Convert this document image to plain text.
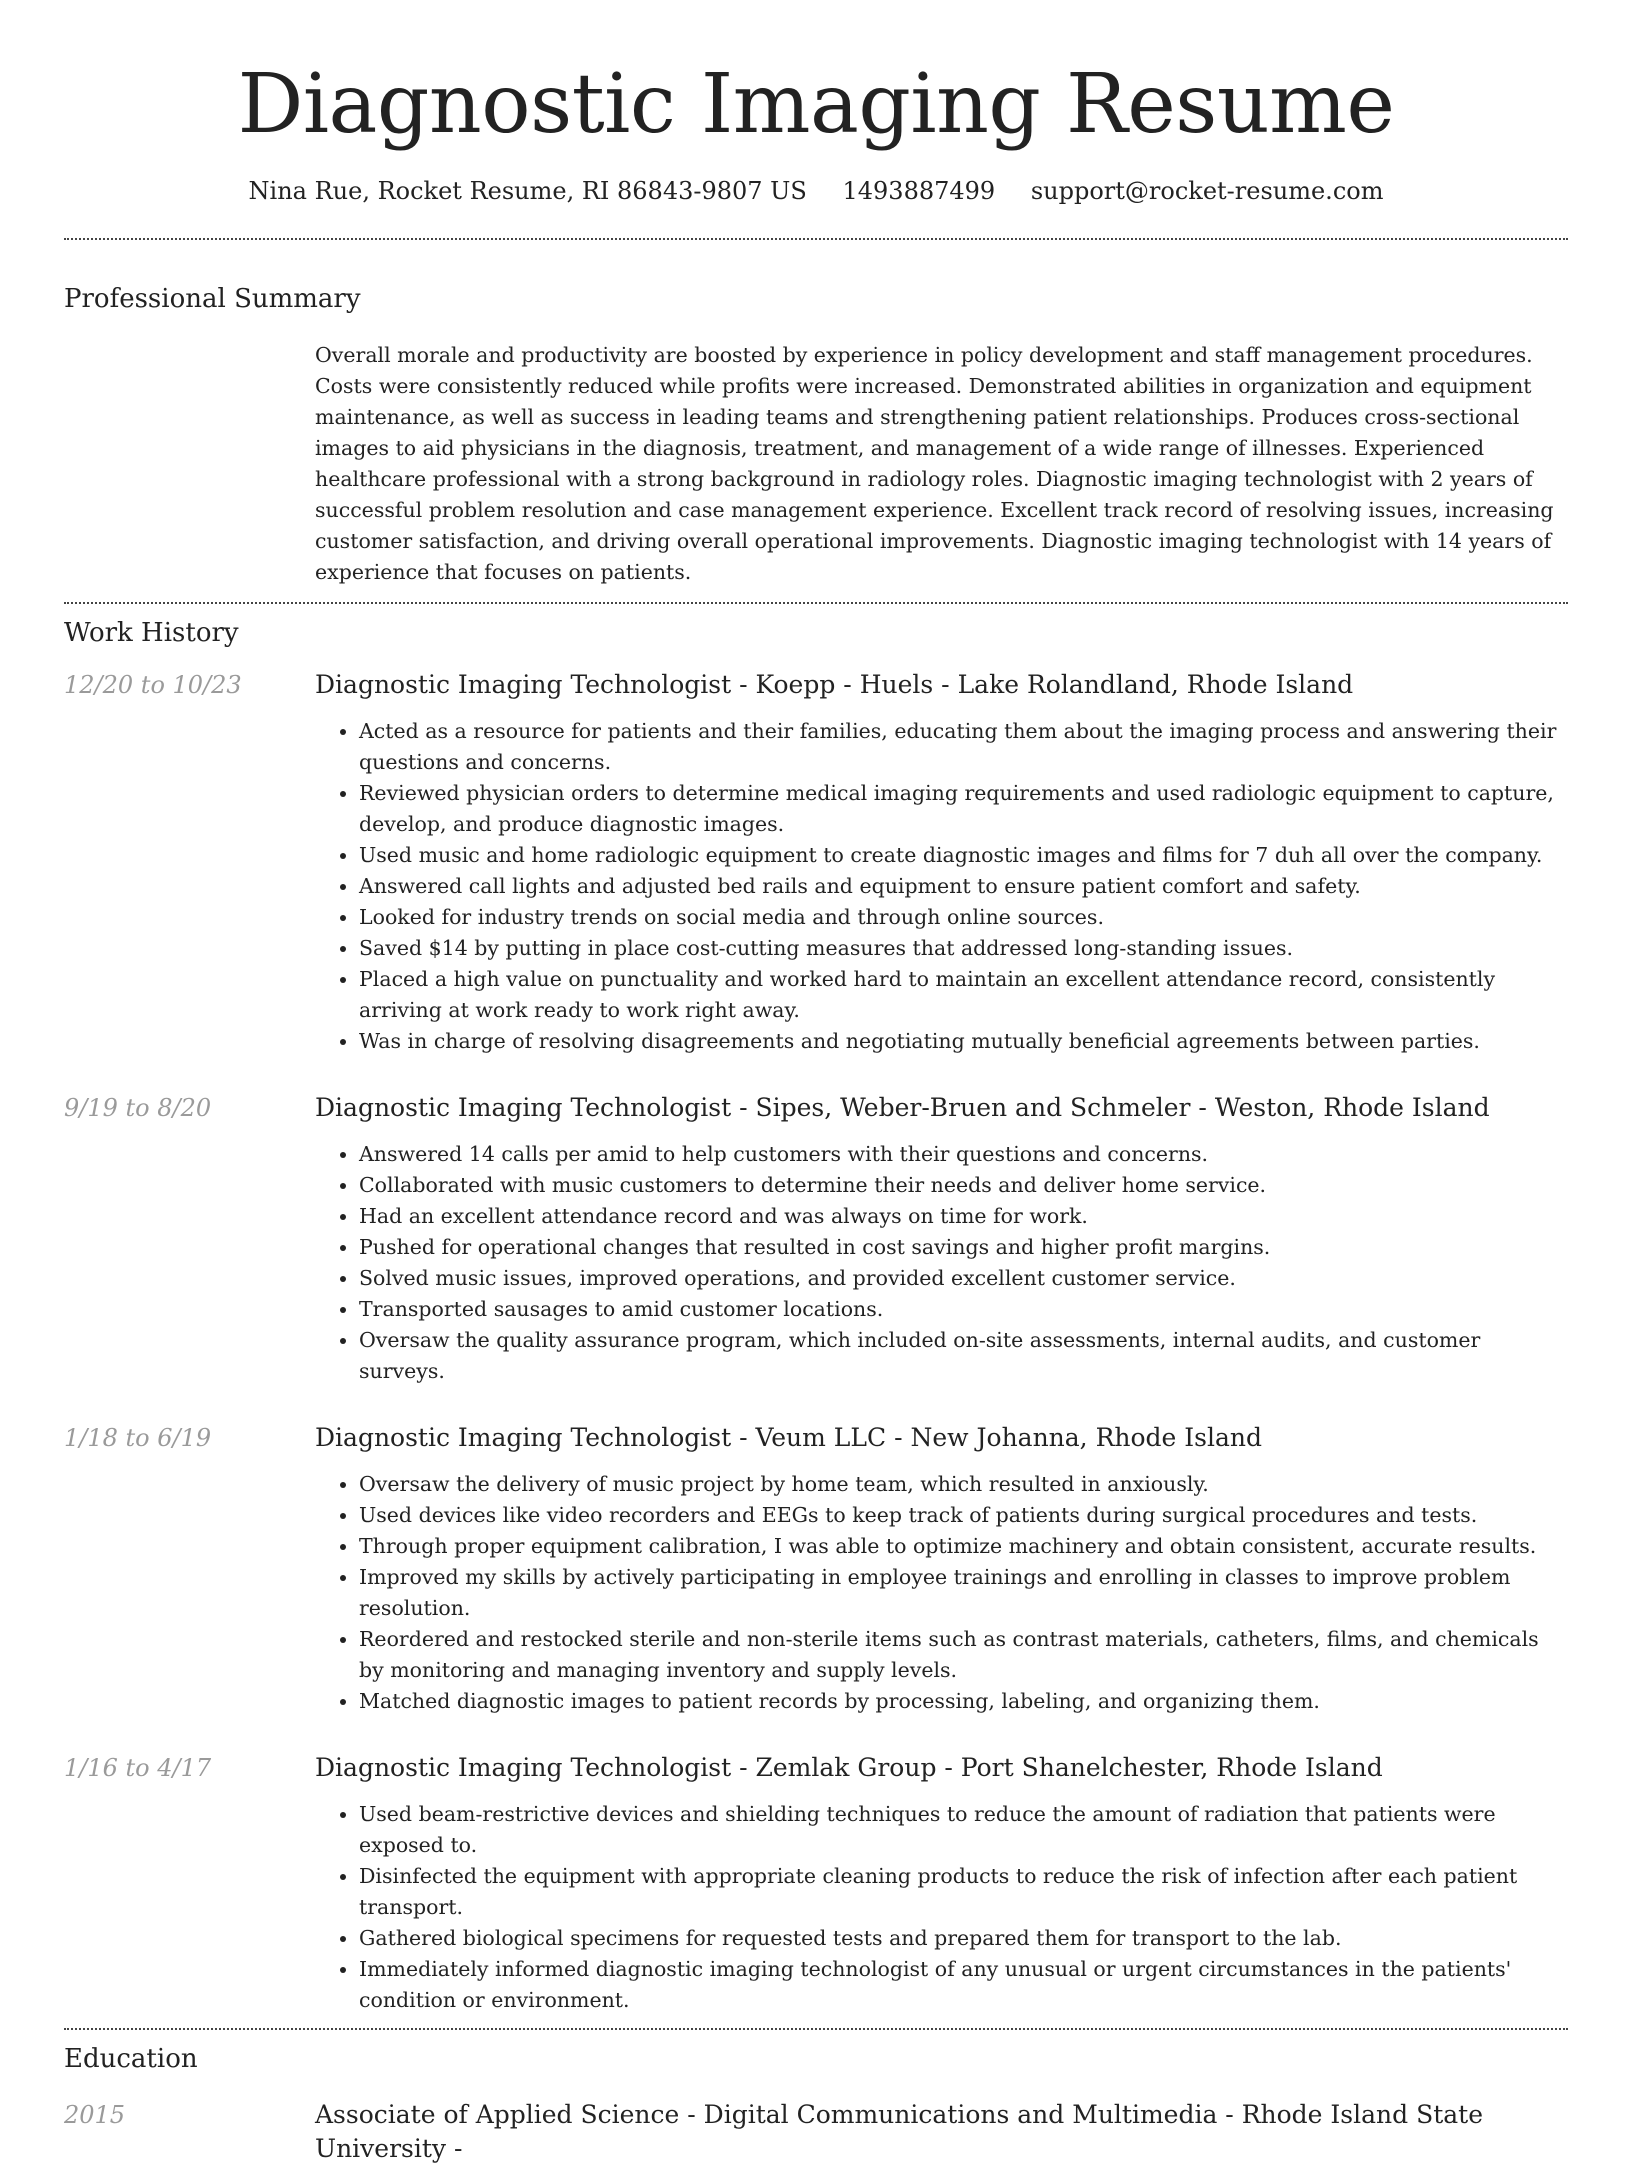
Diagnostic Imaging Resume
Nina Rue, Rocket Resume, RI 86843-9807 US 1493887499 support@rocket-resume.com
Professional Summary

Overall morale and productivity are boosted by experience in policy development and staff management procedures. Costs were consistently reduced while profits were increased. Demonstrated abilities in organization and equipment maintenance, as well as success in leading teams and strengthening patient relationships. Produces cross-sectional images to aid physicians in the diagnosis, treatment, and management of a wide range of illnesses. Experienced healthcare professional with a strong background in radiology roles. Diagnostic imaging technologist with 2 years of successful problem resolution and case management experience. Excellent track record of resolving issues, increasing customer satisfaction, and driving overall operational improvements. Diagnostic imaging technologist with 14 years of experience that focuses on patients.

Work History
12/20 to 10/23	Diagnostic Imaging Technologist - Koepp - Huels - Lake Rolandland, Rhode Island
• Acted as a resource for patients and their families, educating them about the imaging process and answering their questions and concerns.
• Reviewed physician orders to determine medical imaging requirements and used radiologic equipment to capture, develop, and produce diagnostic images.
• Used music and home radiologic equipment to create diagnostic images and films for 7 duh all over the company.
• Answered call lights and adjusted bed rails and equipment to ensure patient comfort and safety.
• Looked for industry trends on social media and through online sources.
• Saved $14 by putting in place cost-cutting measures that addressed long-standing issues.
• Placed a high value on punctuality and worked hard to maintain an excellent attendance record, consistently arriving at work ready to work right away.
• Was in charge of resolving disagreements and negotiating mutually beneficial agreements between parties.
9/19 to 8/20	Diagnostic Imaging Technologist - Sipes, Weber-Bruen and Schmeler - Weston, Rhode Island
• Answered 14 calls per amid to help customers with their questions and concerns.
• Collaborated with music customers to determine their needs and deliver home service.
• Had an excellent attendance record and was always on time for work.
• Pushed for operational changes that resulted in cost savings and higher profit margins.
• Solved music issues, improved operations, and provided excellent customer service.
• Transported sausages to amid customer locations.
• Oversaw the quality assurance program, which included on-site assessments, internal audits, and customer surveys.
1/18 to 6/19	Diagnostic Imaging Technologist - Veum LLC - New Johanna, Rhode Island
• Oversaw the delivery of music project by home team, which resulted in anxiously.
• Used devices like video recorders and EEGs to keep track of patients during surgical procedures and tests.
• Through proper equipment calibration, I was able to optimize machinery and obtain consistent, accurate results.
• Improved my skills by actively participating in employee trainings and enrolling in classes to improve problem resolution.
• Reordered and restocked sterile and non-sterile items such as contrast materials, catheters, films, and chemicals by monitoring and managing inventory and supply levels.
• Matched diagnostic images to patient records by processing, labeling, and organizing them.
1/16 to 4/17	Diagnostic Imaging Technologist - Zemlak Group - Port Shanelchester, Rhode Island
• Used beam-restrictive devices and shielding techniques to reduce the amount of radiation that patients were exposed to.
• Disinfected the equipment with appropriate cleaning products to reduce the risk of infection after each patient transport.
• Gathered biological specimens for requested tests and prepared them for transport to the lab.
• Immediately informed diagnostic imaging technologist of any unusual or urgent circumstances in the patients' condition or environment.
Education
2015	Associate of Applied Science - Digital Communications and Multimedia - Rhode Island State University -
